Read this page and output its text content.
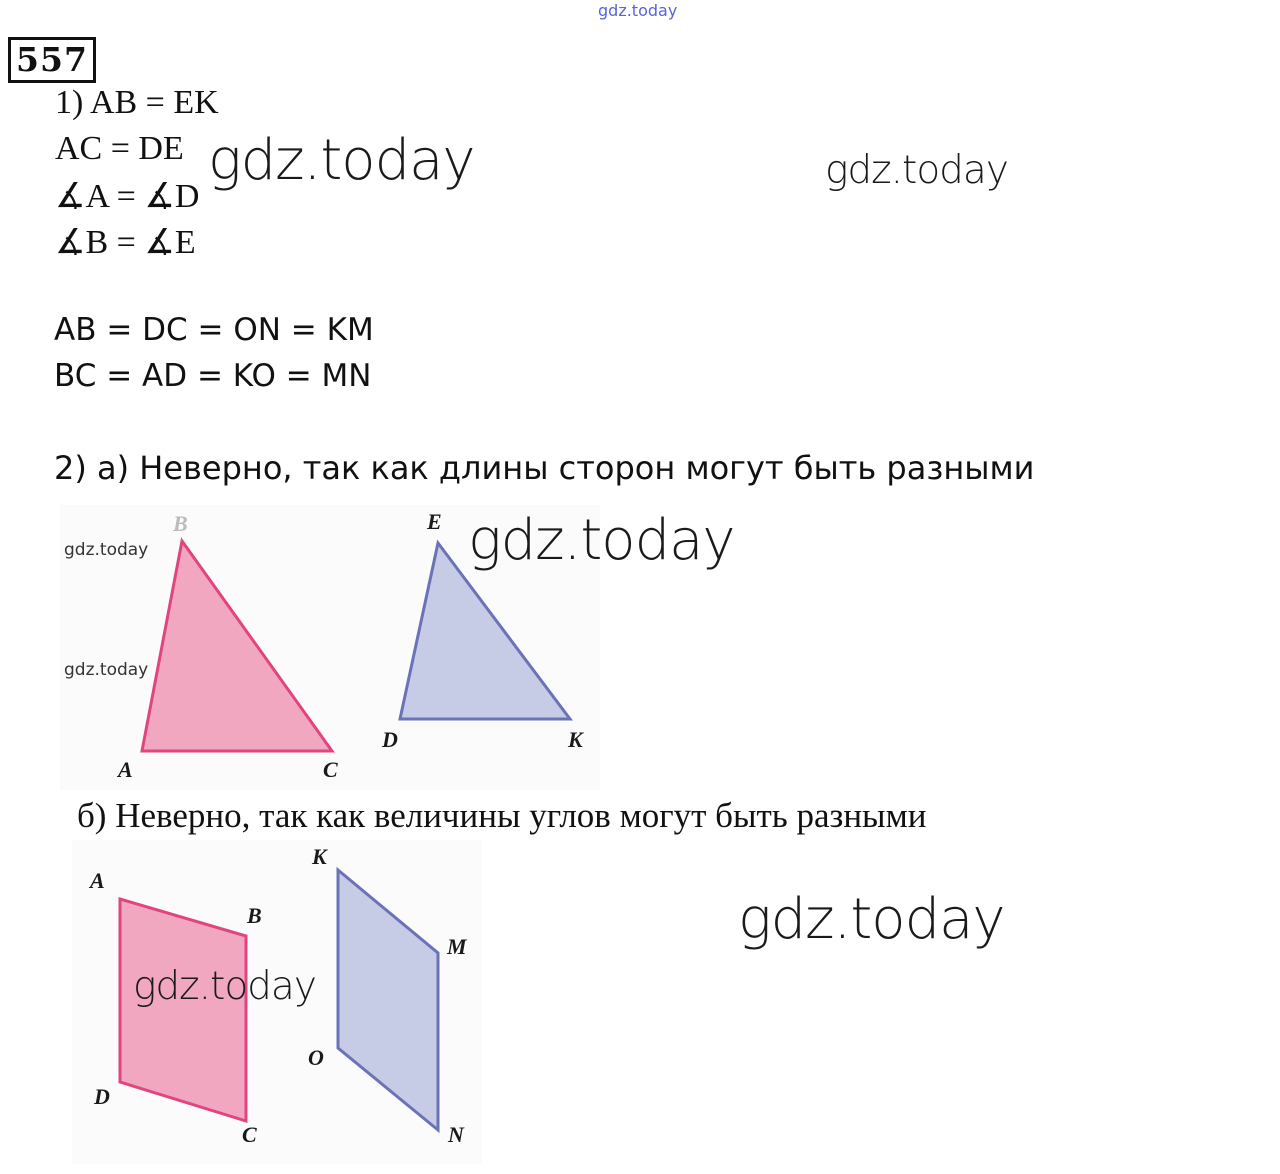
gdz.today
557
1) AB = EK
AC = DE
∡A = ∡D
∡B = ∡E
AB = DC = ON = KM
BC = AD = KO = MN
2) а) Неверно, так как длины сторон могут быть разными
б) Неверно, так как величины углов могут быть разными
B
A	C
E
D	K
A
B
D
C
K
M
O
N
gdz.today	gdz.today
gdz.today
gdz.today
gdz.today
gdz.today
gdz.today
